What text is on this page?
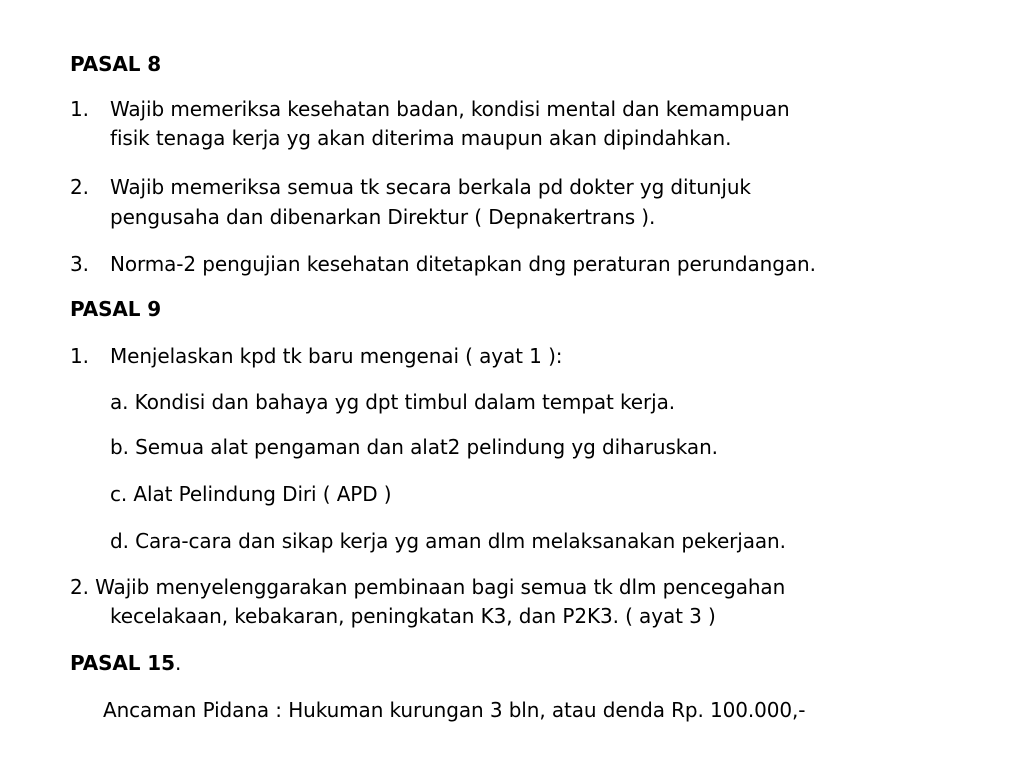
PASAL 8
1. Wajib memeriksa kesehatan badan, kondisi mental dan kemampuan
fisik tenaga kerja yg akan diterima maupun akan dipindahkan.
2. Wajib memeriksa semua tk secara berkala pd dokter yg ditunjuk
pengusaha dan dibenarkan Direktur ( Depnakertrans ).
3. Norma-2 pengujian kesehatan ditetapkan dng peraturan perundangan.
PASAL 9
1. Menjelaskan kpd tk baru mengenai ( ayat 1 ):
a. Kondisi dan bahaya yg dpt timbul dalam tempat kerja.
b. Semua alat pengaman dan alat2 pelindung yg diharuskan.
c. Alat Pelindung Diri ( APD )
d. Cara-cara dan sikap kerja yg aman dlm melaksanakan pekerjaan.
2. Wajib menyelenggarakan pembinaan bagi semua tk dlm pencegahan
kecelakaan, kebakaran, peningkatan K3, dan P2K3. ( ayat 3 )
PASAL 15.
Ancaman Pidana : Hukuman kurungan 3 bln, atau denda Rp. 100.000,-
